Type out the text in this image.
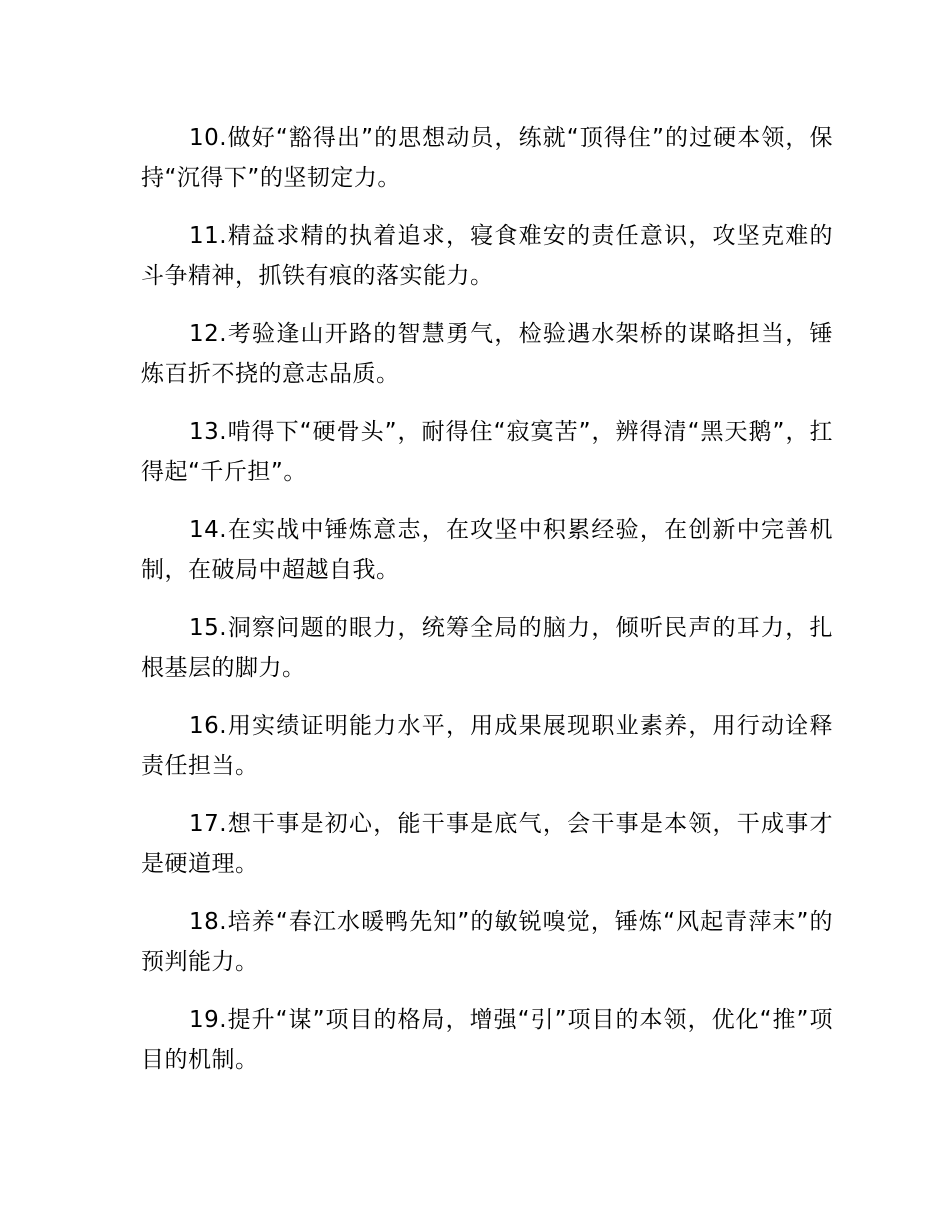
10.做好“豁得出”的思想动员，练就“顶得住”的过硬本领，保持“沉得下”的坚韧定力。

11.精益求精的执着追求，寝食难安的责任意识，攻坚克难的斗争精神，抓铁有痕的落实能力。

12.考验逢山开路的智慧勇气，检验遇水架桥的谋略担当，锤炼百折不挠的意志品质。

13.啃得下“硬骨头”，耐得住“寂寞苦”，辨得清“黑天鹅”，扛得起“千斤担”。

14.在实战中锤炼意志，在攻坚中积累经验，在创新中完善机制，在破局中超越自我。

15.洞察问题的眼力，统筹全局的脑力，倾听民声的耳力，扎根基层的脚力。

16.用实绩证明能力水平，用成果展现职业素养，用行动诠释责任担当。

17.想干事是初心，能干事是底气，会干事是本领，干成事才是硬道理。

18.培养“春江水暖鸭先知”的敏锐嗅觉，锤炼“风起青萍末”的预判能力。

19.提升“谋”项目的格局，增强“引”项目的本领，优化“推”项目的机制。
